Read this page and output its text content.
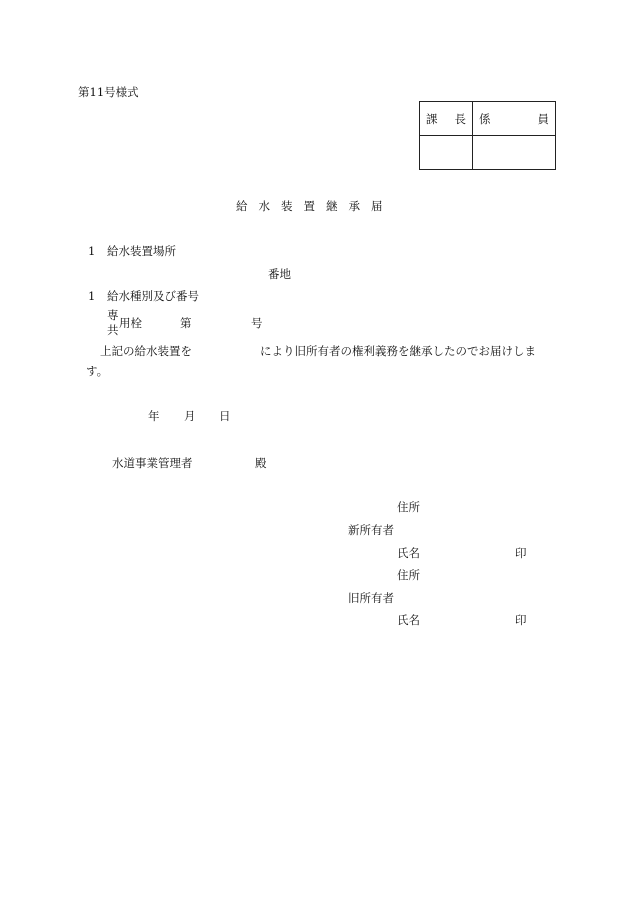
第11号様式
課 長	係 員

給水装置継承届
1 給水装置場所
番地
1 給水種別及び番号
専
共 用栓	第	号
上記の給水装置を	により旧所有者の権利義務を継承したのでお届けしま
す。
年 月 日
水道事業管理者	殿
住所
新所有者
氏名	印
住所
旧所有者
氏名	印
